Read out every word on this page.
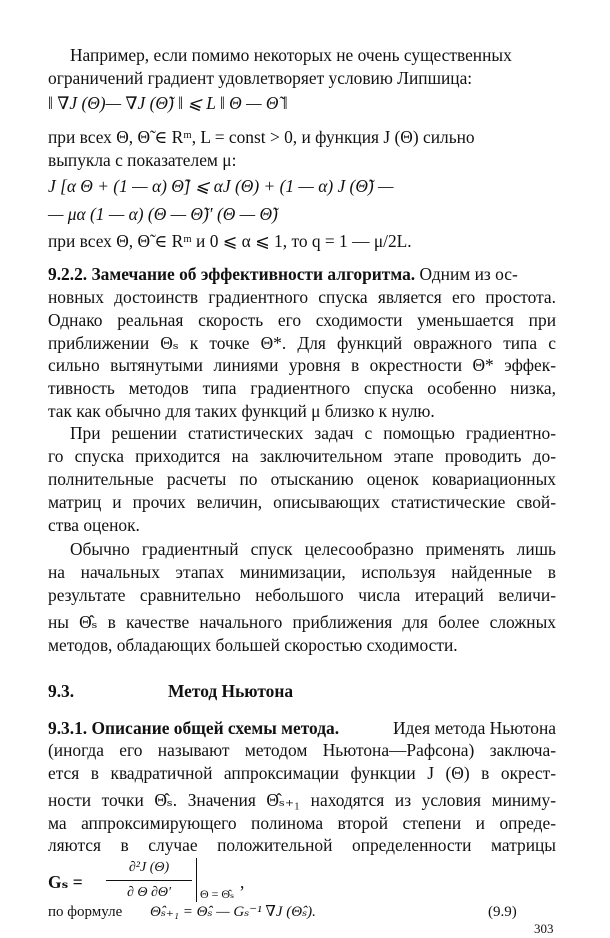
Например, если помимо некоторых не очень существенных
ограничений градиент удовлетворяет условию Липшица:
‖ ∇J (Θ)— ∇J (Θ̃) ‖ ⩽ L ‖ Θ — Θ̃ ‖
при всех Θ, Θ̃ ∈ Rᵐ, L = const > 0, и функция J (Θ) сильно
выпукла с показателем μ:
J [α Θ + (1 — α) Θ̃] ⩽ αJ (Θ) + (1 — α) J (Θ̃) —
— μα (1 — α) (Θ — Θ̃)′ (Θ — Θ̃)
при всех Θ, Θ̃ ∈ Rᵐ и 0 ⩽ α ⩽ 1, то q = 1 — μ/2L.
9.2.2. Замечание об эффективности алгоритма. Одним из ос-
новных достоинств градиентного спуска является его простота.
Однако реальная скорость его сходимости уменьшается при
приближении Θₛ к точке Θ*. Для функций овражного типа с
сильно вытянутыми линиями уровня в окрестности Θ* эффек-
тивность методов типа градиентного спуска особенно низка,
так как обычно для таких функций μ близко к нулю.
При решении статистических задач с помощью градиентно-
го спуска приходится на заключительном этапе проводить до-
полнительные расчеты по отысканию оценок ковариационных
матриц и прочих величин, описывающих статистические свой-
ства оценок.
Обычно градиентный спуск целесообразно применять лишь
на начальных этапах минимизации, используя найденные в
результате сравнительно небольшого числа итераций величи-
ны Θ̂ₛ в качестве начального приближения для более сложных
методов, обладающих большей скоростью сходимости.
9.3.	Метод Ньютона
9.3.1. Описание общей схемы метода.	Идея метода Ньютона
(иногда его называют методом Ньютона—Рафсона) заключа-
ется в квадратичной аппроксимации функции J (Θ) в окрест-
ности точки Θ̂ₛ. Значения Θ̂ₛ₊₁ находятся из условия миниму-
ма аппроксимирующего полинома второй степени и опреде-
ляются в случае положительной определенности матрицы
Gₛ =
∂²J (Θ)
∂ Θ ∂Θ′	Θ = Θ̂ₛ
,
по формуле Θ̂ₛ₊₁ = Θ̂ₛ — Gₛ⁻¹ ∇J (Θ̂ₛ).	(9.9)
303
